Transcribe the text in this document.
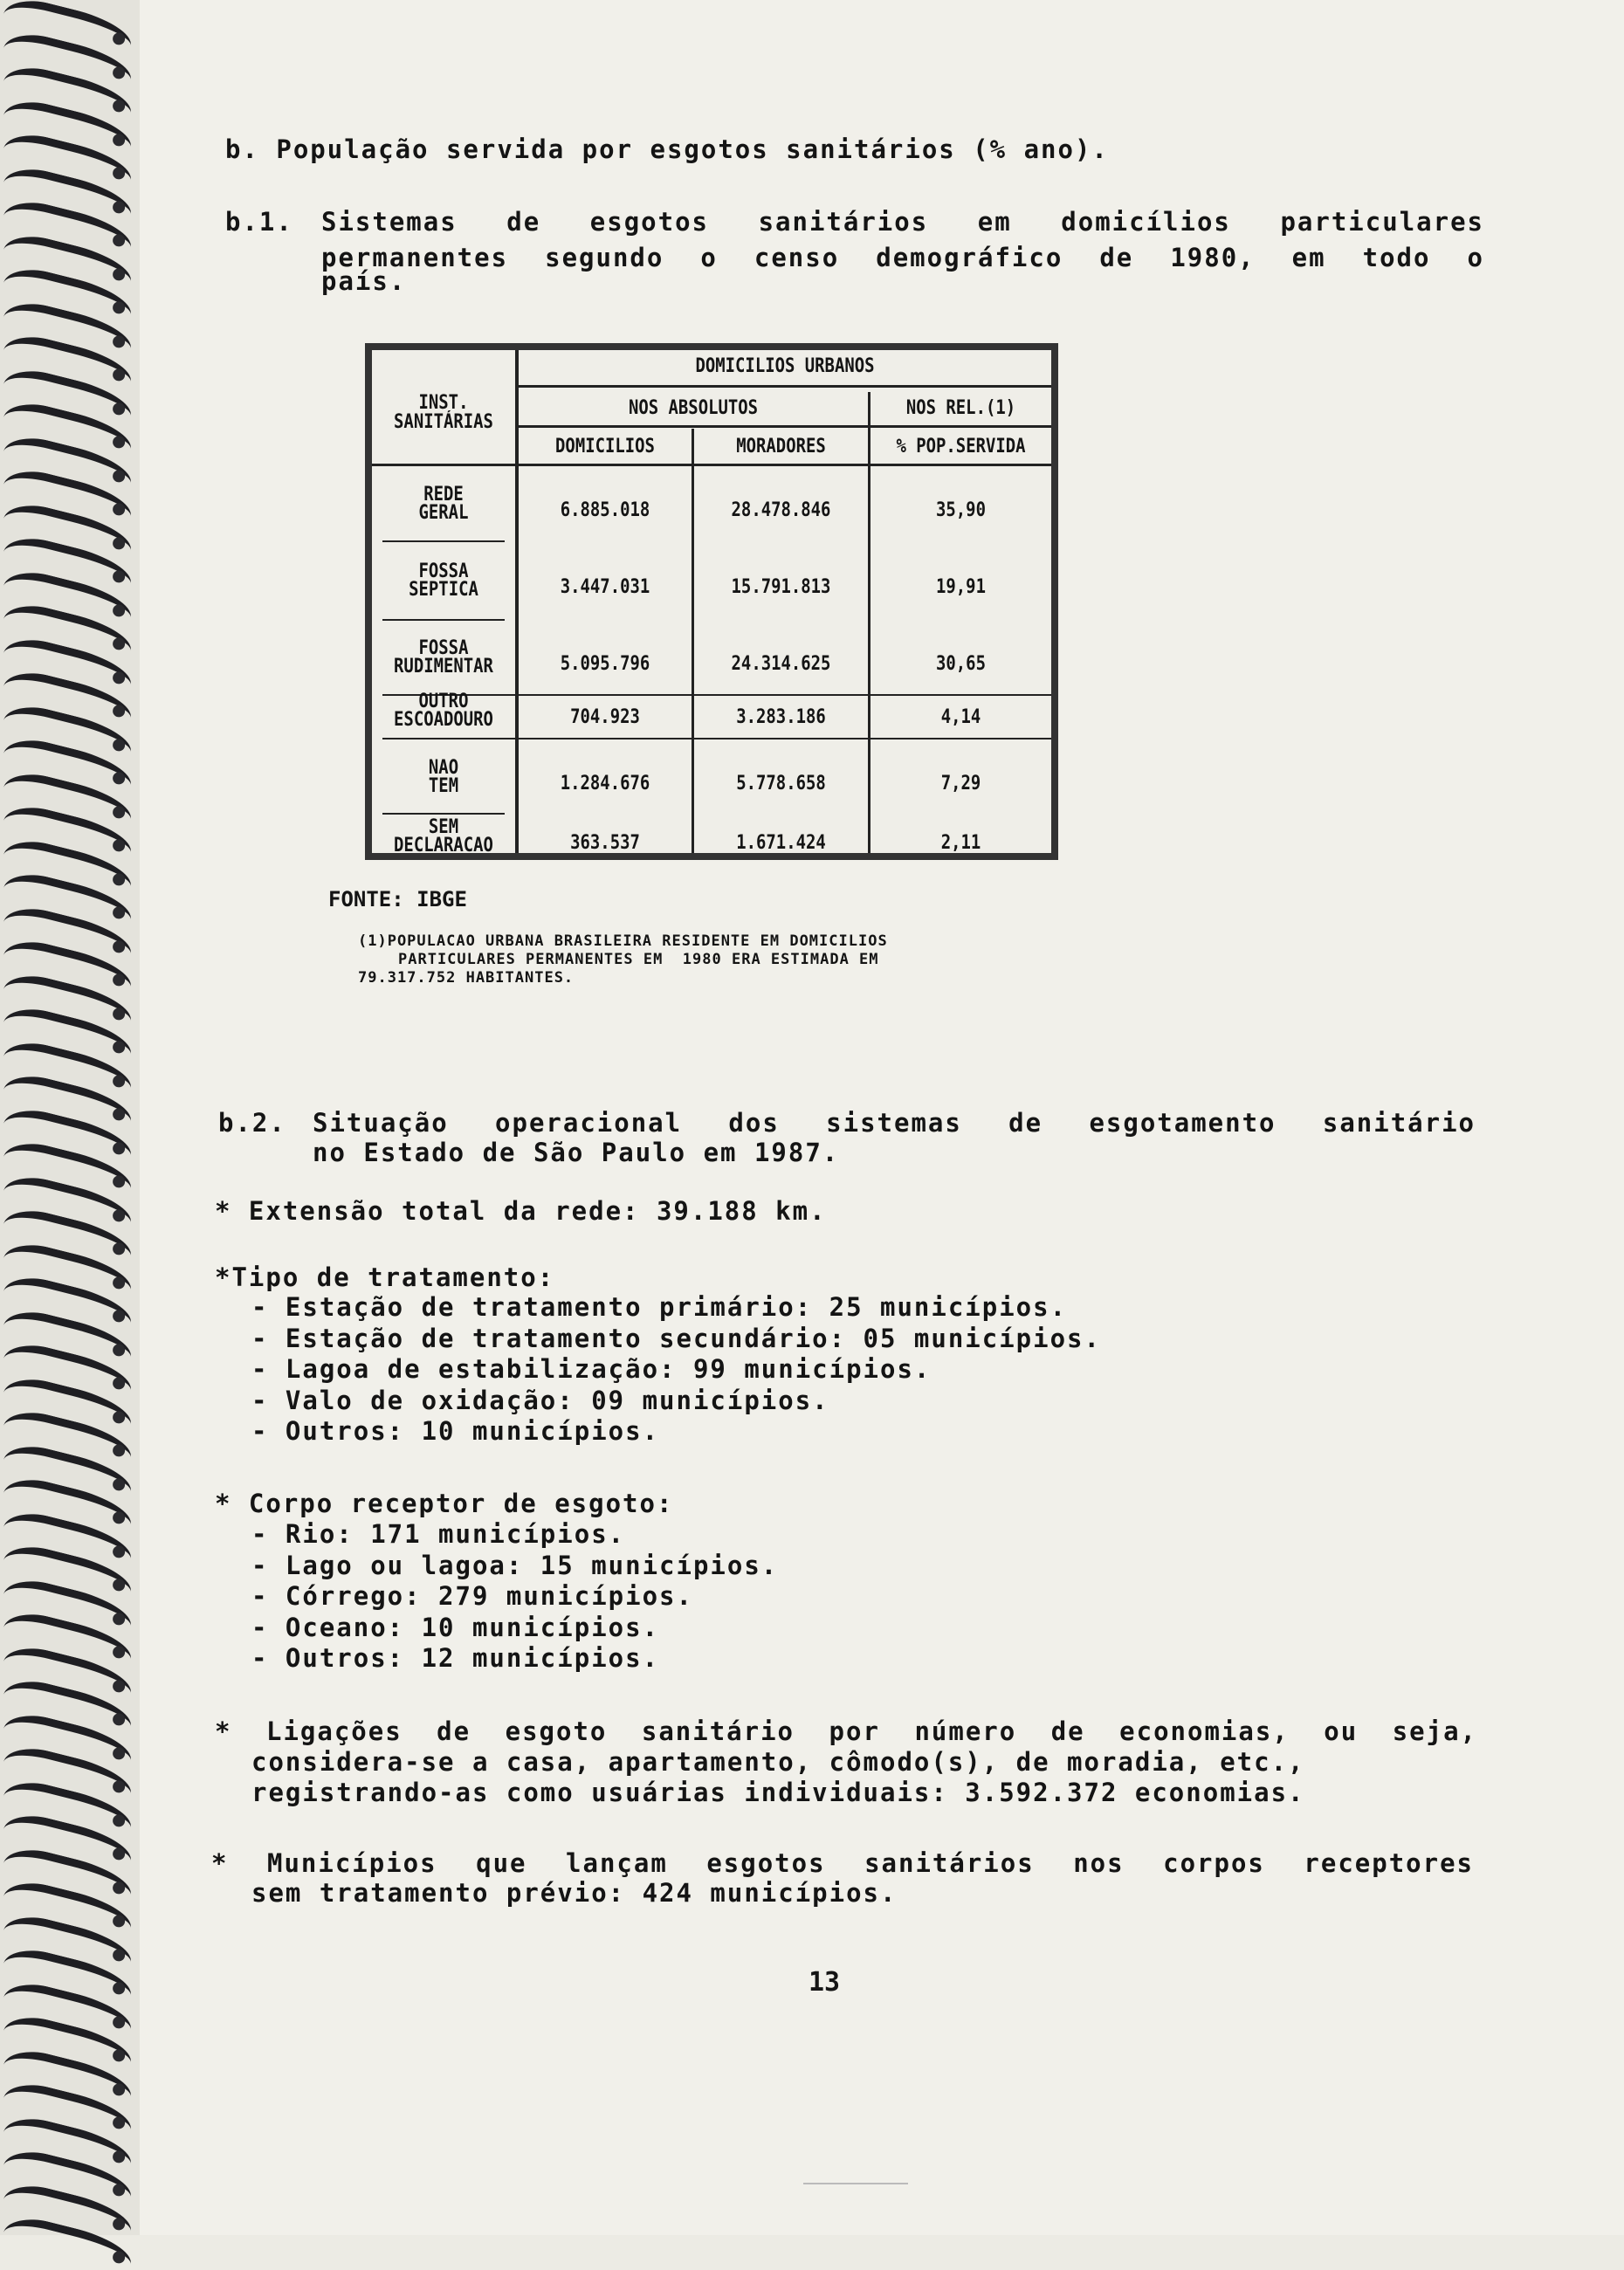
b. População servida por esgotos sanitários (% ano).
b.1. Sistemas de esgotos sanitários em domicílios particulares
permanentes segundo o censo demográfico de 1980, em todo o
país.
INST.
SANITÁRIAS
DOMICILIOS URBANOS
NOS ABSOLUTOS	NOS REL.(1)
DOMICILIOS	MORADORES	% POP.SERVIDA
REDE
GERAL	6.885.018	28.478.846	35,90
FOSSA
SEPTICA	3.447.031	15.791.813	19,91
FOSSA
RUDIMENTAR	5.095.796	24.314.625	30,65
OUTRO
ESCOADOURO	704.923	3.283.186	4,14
NAO
TEM	1.284.676	5.778.658	7,29
SEM
DECLARACAO	363.537	1.671.424	2,11
FONTE: IBGE
(1)POPULACAO URBANA BRASILEIRA RESIDENTE EM DOMICILIOS
PARTICULARES PERMANENTES EM  1980 ERA ESTIMADA EM
79.317.752 HABITANTES.
b.2. Situação operacional dos sistemas de esgotamento sanitário
no Estado de São Paulo em 1987.
* Extensão total da rede: 39.188 km.
*Tipo de tratamento:
- Estação de tratamento primário: 25 municípios.
- Estação de tratamento secundário: 05 municípios.
- Lagoa de estabilização: 99 municípios.
- Valo de oxidação: 09 municípios.
- Outros: 10 municípios.
* Corpo receptor de esgoto:
- Rio: 171 municípios.
- Lago ou lagoa: 15 municípios.
- Córrego: 279 municípios.
- Oceano: 10 municípios.
- Outros: 12 municípios.
* Ligações de esgoto sanitário por número de economias, ou seja,
considera-se a casa, apartamento, cômodo(s), de moradia, etc.,
registrando-as como usuárias individuais: 3.592.372 economias.
* Municípios que lançam esgotos sanitários nos corpos receptores
sem tratamento prévio: 424 municípios.
13
